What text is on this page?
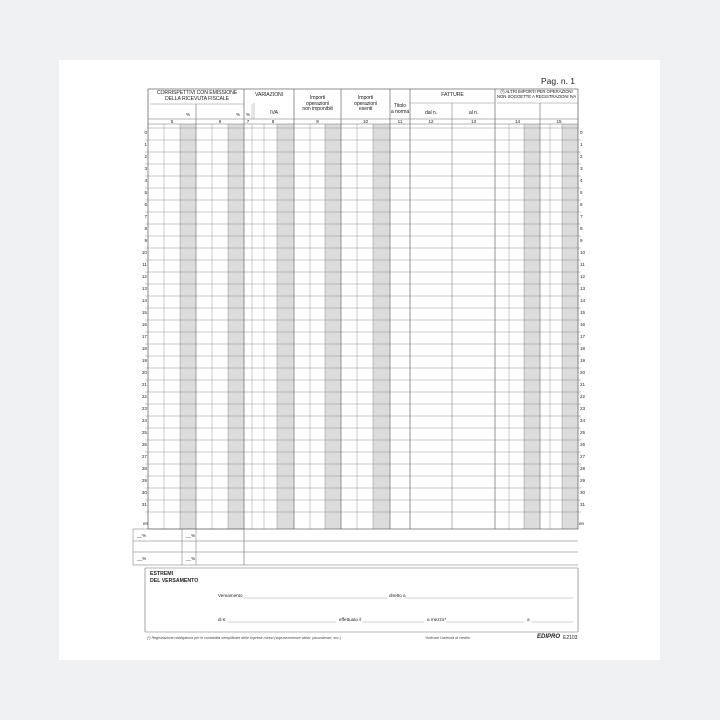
Pag. n. 1
CORRISPETTIVI CON EMISSIONE
DELLA RICEVUTA FISCALE
%	%
VARIAZIONI
%	IVA
Importi
operazioni
non imponibili
Importi
operazioni
esenti
Titolo
a norma
FATTURE
dal n.	al n.
(¹) ALTRI IMPORTI PER OPERAZIONI
NON SOGGETTE A REGISTRAZIONI IVA
5	6	7	8	9	10	11	12	13	14	15
0	0
1	1
2	2
3	3
4	4
5	5
6	6
7	7
8	8
9	9
10	10
11	11
12	12
13	13
14	14
15	15
16	16
17	17
18	18
19	19
20	20
21	21
22	22
23	23
24	24
25	25
26	26
27	27
28	28
29	29
30	30
31	31
en	en
__%	__%
__%	__%
ESTREMI
DEL VERSAMENTO
Versamento	diretto a
di €	effettuato il	a mezzo*	a
(¹) Registrazione obbligatoria per le contabilità semplificate delle imprese minori (sopravvenienze attive, plusvalenze, ecc.)	*Indicare l'azienda di credito	EDIPRO E2103
